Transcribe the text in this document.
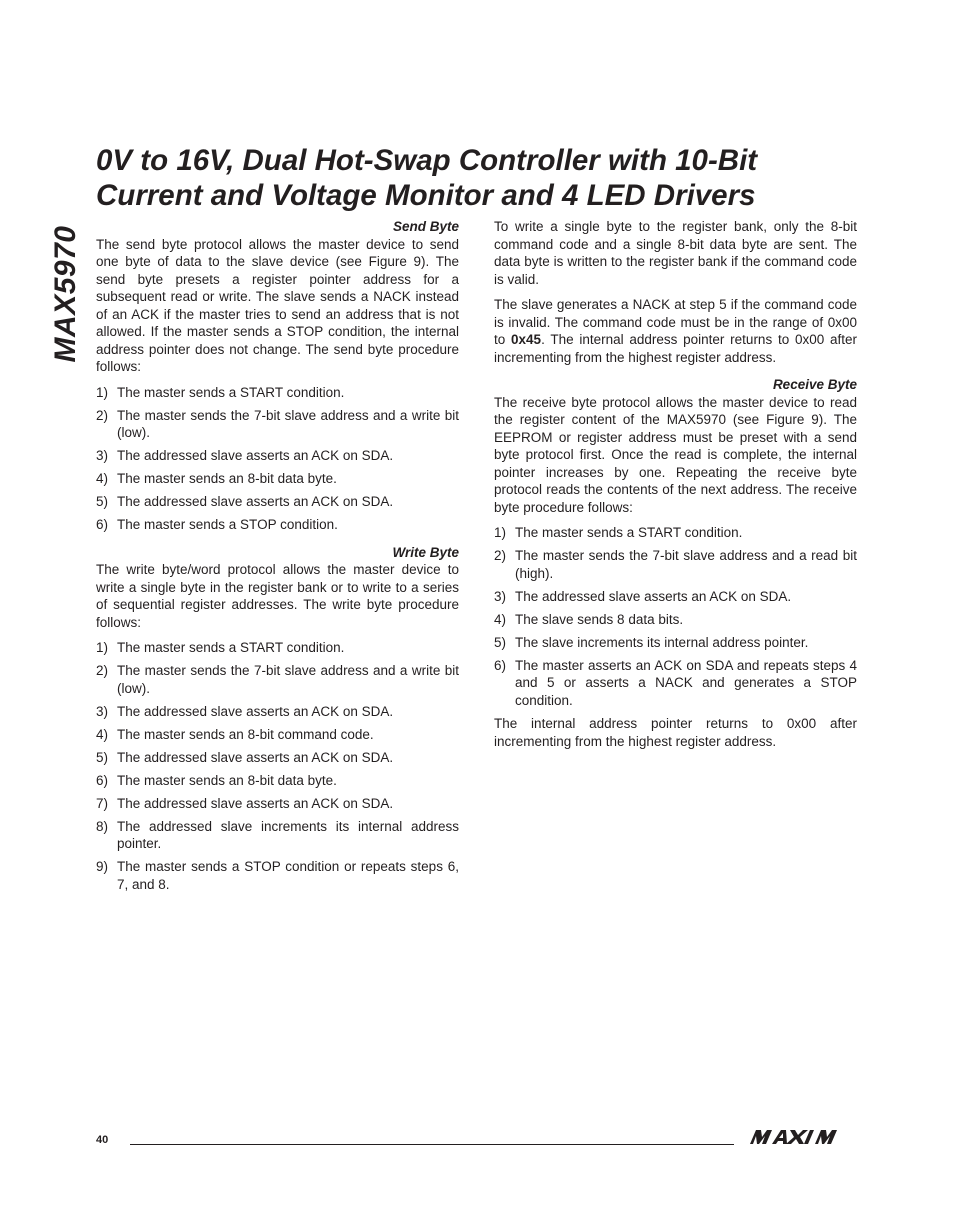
MAX5970
0V to 16V, Dual Hot-Swap Controller with 10-Bit
Current and Voltage Monitor and 4 LED Drivers

Send Byte

The send byte protocol allows the master device to send one byte of data to the slave device (see Figure 9). The send byte presets a register pointer address for a subsequent read or write. The slave sends a NACK instead of an ACK if the master tries to send an address that is not allowed. If the master sends a STOP condition, the internal address pointer does not change. The send byte procedure follows:

1) The master sends a START condition.
2) The master sends the 7-bit slave address and a write bit (low).
3) The addressed slave asserts an ACK on SDA.
4) The master sends an 8-bit data byte.
5) The addressed slave asserts an ACK on SDA.
6) The master sends a STOP condition.

Write Byte

The write byte/word protocol allows the master device to write a single byte in the register bank or to write to a series of sequential register addresses. The write byte procedure follows:

1) The master sends a START condition.
2) The master sends the 7-bit slave address and a write bit (low).
3) The addressed slave asserts an ACK on SDA.
4) The master sends an 8-bit command code.
5) The addressed slave asserts an ACK on SDA.
6) The master sends an 8-bit data byte.
7) The addressed slave asserts an ACK on SDA.
8) The addressed slave increments its internal address pointer.
9) The master sends a STOP condition or repeats steps 6, 7, and 8.

To write a single byte to the register bank, only the 8-bit command code and a single 8-bit data byte are sent. The data byte is written to the register bank if the command code is valid.

The slave generates a NACK at step 5 if the command code is invalid. The command code must be in the range of 0x00 to 0x45. The internal address pointer returns to 0x00 after incrementing from the highest register address.

Receive Byte

The receive byte protocol allows the master device to read the register content of the MAX5970 (see Figure 9). The EEPROM or register address must be preset with a send byte protocol first. Once the read is complete, the internal pointer increases by one. Repeating the receive byte protocol reads the contents of the next address. The receive byte procedure follows:

1) The master sends a START condition.
2) The master sends the 7-bit slave address and a read bit (high).
3) The addressed slave asserts an ACK on SDA.
4) The slave sends 8 data bits.
5) The slave increments its internal address pointer.
6) The master asserts an ACK on SDA and repeats steps 4 and 5 or asserts a NACK and generates a STOP condition.

The internal address pointer returns to 0x00 after incrementing from the highest register address.

40
